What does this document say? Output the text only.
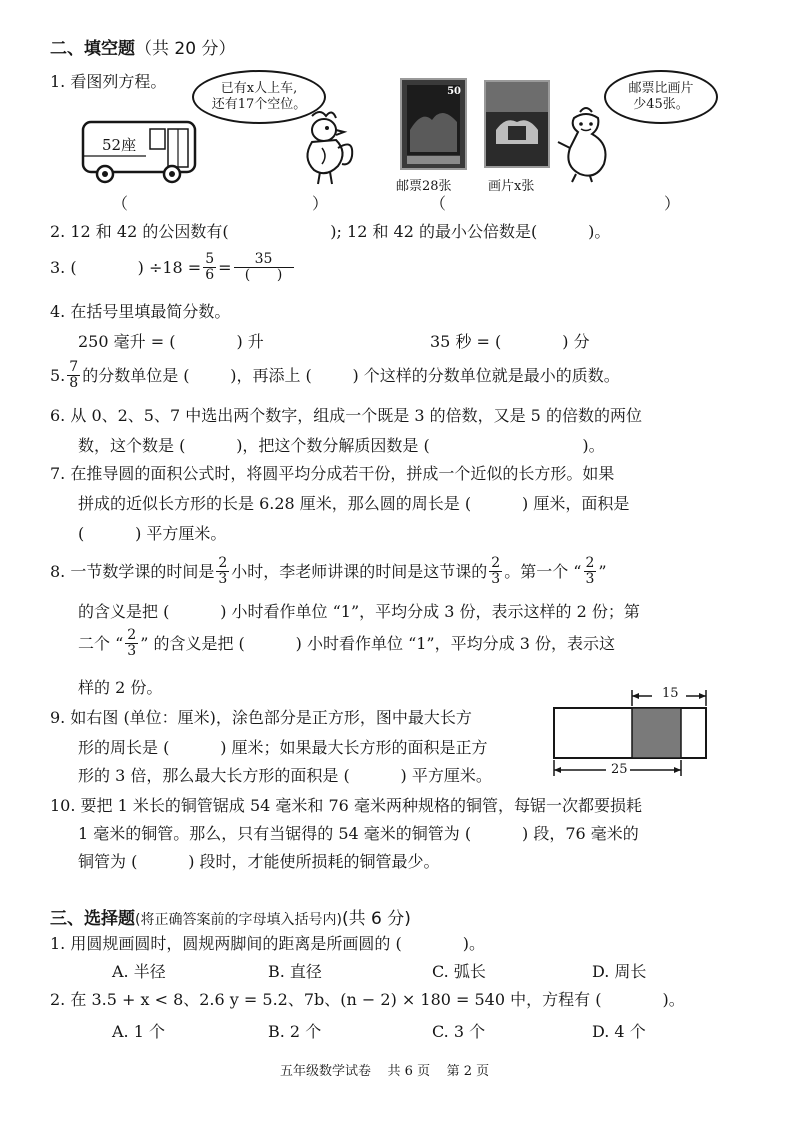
二、填空题（共 20 分）
1. 看图列方程。
52座
已有x人上车,
还有17个空位。
50
邮票28张	画片x张
邮票比画片
少45张。
（	）	（	）
2. 12 和 42 的公因数有(                    ); 12 和 42 的最小公倍数是(          )。
3. (            ) $\div 18 = \frac{5}{6} = \frac{35}{( )}$
4. 在括号里填最简分数。
250 毫升 = (            ) 升	35 秒 = (            ) 分
5. $\frac{7}{8}$ 的分数单位是 (        )，再添上 (        ) 个这样的分数单位就是最小的质数。
6. 从 0、2、5、7 中选出两个数字，组成一个既是 3 的倍数，又是 5 的倍数的两位
数，这个数是 (          )，把这个数分解质因数是 (                              )。
7. 在推导圆的面积公式时，将圆平均分成若干份，拼成一个近似的长方形。如果
拼成的近似长方形的长是 6.28 厘米，那么圆的周长是 (          ) 厘米，面积是
(          ) 平方厘米。
8. 一节数学课的时间是 $\frac{2}{3}$ 小时，李老师讲课的时间是这节课的 $\frac{2}{3}$ 。第一个 “ $\frac{2}{3}$ ”
的含义是把 (          ) 小时看作单位 “1”，平均分成 3 份，表示这样的 2 份；第
二个 “ $\frac{2}{3}$ ” 的含义是把 (          ) 小时看作单位 “1”，平均分成 3 份，表示这
样的 2 份。
9. 如右图 (单位：厘米)，涂色部分是正方形，图中最大长方
形的周长是 (          ) 厘米；如果最大长方形的面积是正方
形的 3 倍，那么最大长方形的面积是 (          ) 平方厘米。
15
25
10. 要把 1 米长的铜管锯成 54 毫米和 76 毫米两种规格的铜管，每锯一次都要损耗
1 毫米的铜管。那么，只有当锯得的 54 毫米的铜管为 (          ) 段，76 毫米的
铜管为 (          ) 段时，才能使所损耗的铜管最少。
三、选择题(将正确答案前的字母填入括号内)(共 6 分)
1. 用圆规画圆时，圆规两脚间的距离是所画圆的 (            )。
A. 半径	B. 直径	C. 弧长	D. 周长
2. 在 3.5 + x < 8、2.6 y = 5.2、7b、(n − 2) × 180 = 540 中，方程有 (            )。
A. 1 个	B. 2 个	C. 3 个	D. 4 个
五年级数学试卷    共 6 页    第 2 页
